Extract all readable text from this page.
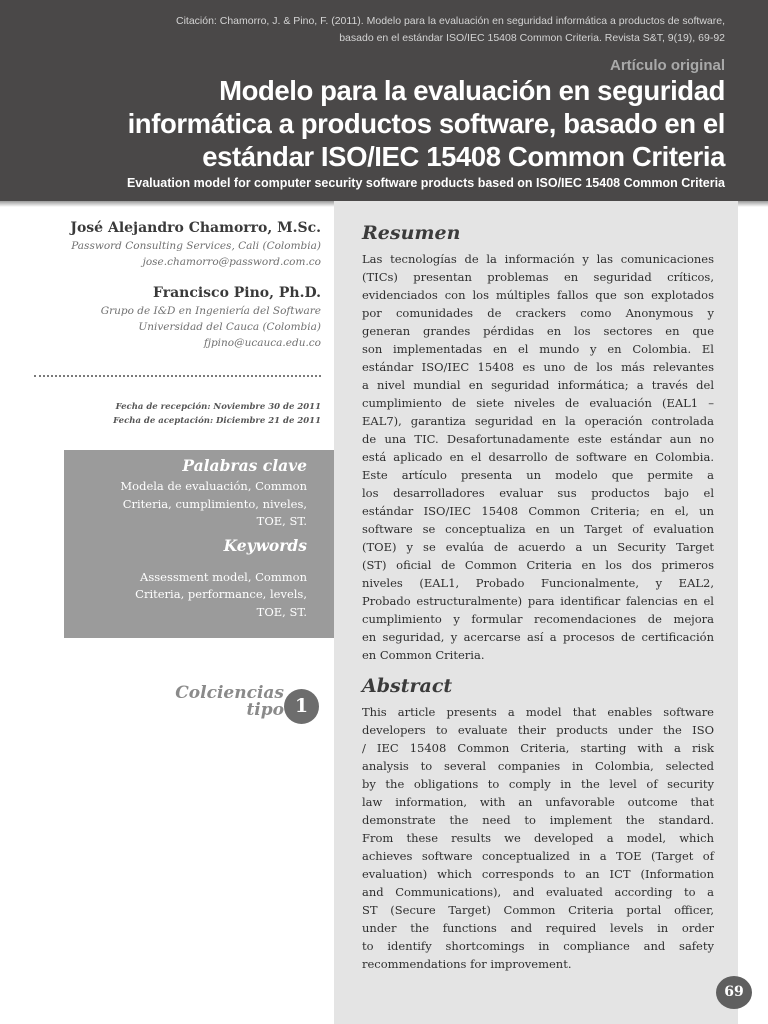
Citación: Chamorro, J. & Pino, F. (2011). Modelo para la evaluación en seguridad informática a productos de software,
basado en el estándar ISO/IEC 15408 Common Criteria. Revista S&T, 9(19), 69-92
Artículo original
Modelo para la evaluación en seguridad
informática a productos software, basado en el
estándar ISO/IEC 15408 Common Criteria
Evaluation model for computer security software products based on ISO/IEC 15408 Common Criteria
José Alejandro Chamorro, M.Sc.
Password Consulting Services, Cali (Colombia)
jose.chamorro@password.com.co
Francisco Pino, Ph.D.
Grupo de I&D en Ingeniería del Software
Universidad del Cauca (Colombia)
fjpino@ucauca.edu.co
Fecha de recepción: Noviembre 30 de 2011
Fecha de aceptación: Diciembre 21 de 2011
Palabras clave
Modela de evaluación, Common
Criteria, cumplimiento, niveles,
TOE, ST.
Keywords
Assessment model, Common
Criteria, performance, levels,
TOE, ST.
Colciencias
tipo 1
Resumen
Las tecnologías de la información y las comunicaciones
(TICs) presentan problemas en seguridad críticos,
evidenciados con los múltiples fallos que son explotados
por comunidades de crackers como Anonymous y
generan grandes pérdidas en los sectores en que
son implementadas en el mundo y en Colombia. El
estándar ISO/IEC 15408 es uno de los más relevantes
a nivel mundial en seguridad informática; a través del
cumplimiento de siete niveles de evaluación (EAL1 –
EAL7), garantiza seguridad en la operación controlada
de una TIC. Desafortunadamente este estándar aun no
está aplicado en el desarrollo de software en Colombia.
Este artículo presenta un modelo que permite a
los desarrolladores evaluar sus productos bajo el
estándar ISO/IEC 15408 Common Criteria; en el, un
software se conceptualiza en un Target of evaluation
(TOE) y se evalúa de acuerdo a un Security Target
(ST) oficial de Common Criteria en los dos primeros
niveles (EAL1, Probado Funcionalmente, y EAL2,
Probado estructuralmente) para identificar falencias en el
cumplimiento y formular recomendaciones de mejora
en seguridad, y acercarse así a procesos de certificación
en Common Criteria.
Abstract
This article presents a model that enables software
developers to evaluate their products under the ISO
/ IEC 15408 Common Criteria, starting with a risk
analysis to several companies in Colombia, selected
by the obligations to comply in the level of security
law information, with an unfavorable outcome that
demonstrate the need to implement the standard.
From these results we developed a model, which
achieves software conceptualized in a TOE (Target of
evaluation) which corresponds to an ICT (Information
and Communications), and evaluated according to a
ST (Secure Target) Common Criteria portal officer,
under the functions and required levels in order
to identify shortcomings in compliance and safety
recommendations for improvement.
69
